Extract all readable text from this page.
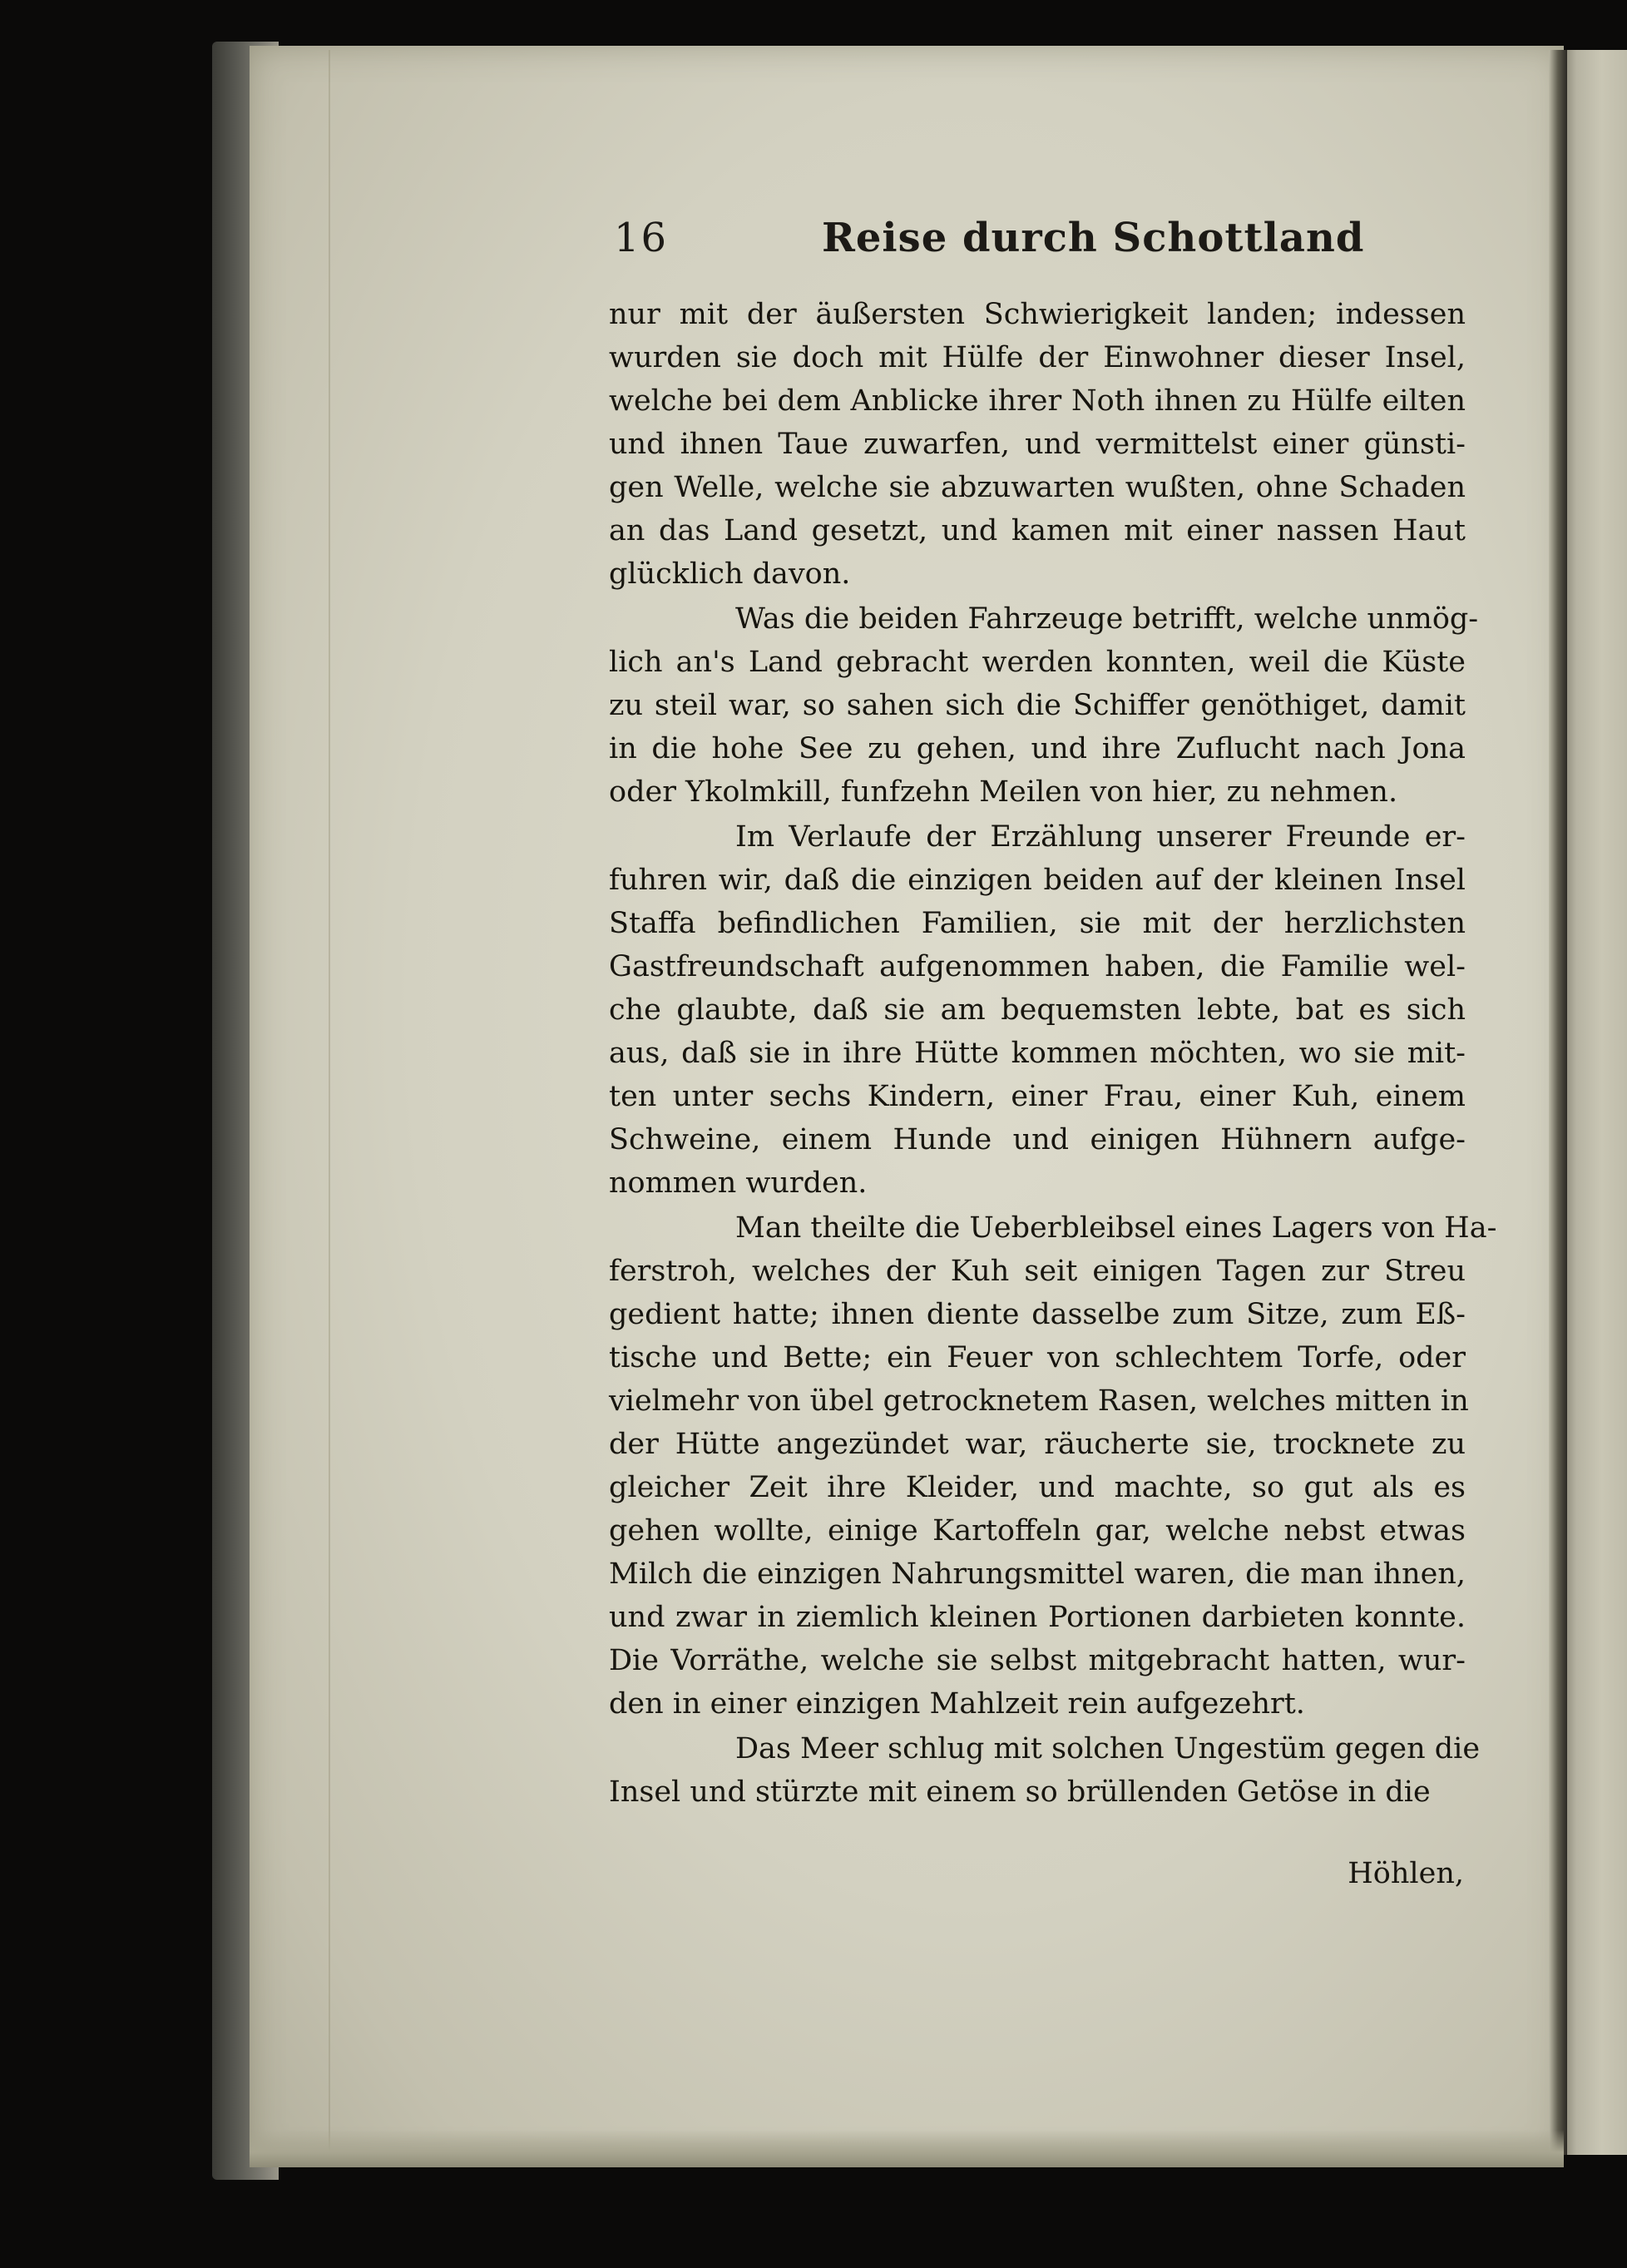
16	Reise durch Schottland
nur mit der äußersten Schwierigkeit landen; indessen
wurden sie doch mit Hülfe der Einwohner dieser Insel,
welche bei dem Anblicke ihrer Noth ihnen zu Hülfe eilten
und ihnen Taue zuwarfen, und vermittelst einer günsti-
gen Welle, welche sie abzuwarten wußten, ohne Schaden
an das Land gesetzt, und kamen mit einer nassen Haut
glücklich davon.
Was die beiden Fahrzeuge betrifft, welche unmög-
lich an's Land gebracht werden konnten, weil die Küste
zu steil war, so sahen sich die Schiffer genöthiget, damit
in die hohe See zu gehen, und ihre Zuflucht nach Jona
oder Ykolmkill, funfzehn Meilen von hier, zu nehmen.
Im Verlaufe der Erzählung unserer Freunde er-
fuhren wir, daß die einzigen beiden auf der kleinen Insel
Staffa befindlichen Familien, sie mit der herzlichsten
Gastfreundschaft aufgenommen haben, die Familie wel-
che glaubte, daß sie am bequemsten lebte, bat es sich
aus, daß sie in ihre Hütte kommen möchten, wo sie mit-
ten unter sechs Kindern, einer Frau, einer Kuh, einem
Schweine, einem Hunde und einigen Hühnern aufge-
nommen wurden.
Man theilte die Ueberbleibsel eines Lagers von Ha-
ferstroh, welches der Kuh seit einigen Tagen zur Streu
gedient hatte; ihnen diente dasselbe zum Sitze, zum Eß-
tische und Bette; ein Feuer von schlechtem Torfe, oder
vielmehr von übel getrocknetem Rasen, welches mitten in
der Hütte angezündet war, räucherte sie, trocknete zu
gleicher Zeit ihre Kleider, und machte, so gut als es
gehen wollte, einige Kartoffeln gar, welche nebst etwas
Milch die einzigen Nahrungsmittel waren, die man ihnen,
und zwar in ziemlich kleinen Portionen darbieten konnte.
Die Vorräthe, welche sie selbst mitgebracht hatten, wur-
den in einer einzigen Mahlzeit rein aufgezehrt.
Das Meer schlug mit solchen Ungestüm gegen die
Insel und stürzte mit einem so brüllenden Getöse in die
Höhlen,
